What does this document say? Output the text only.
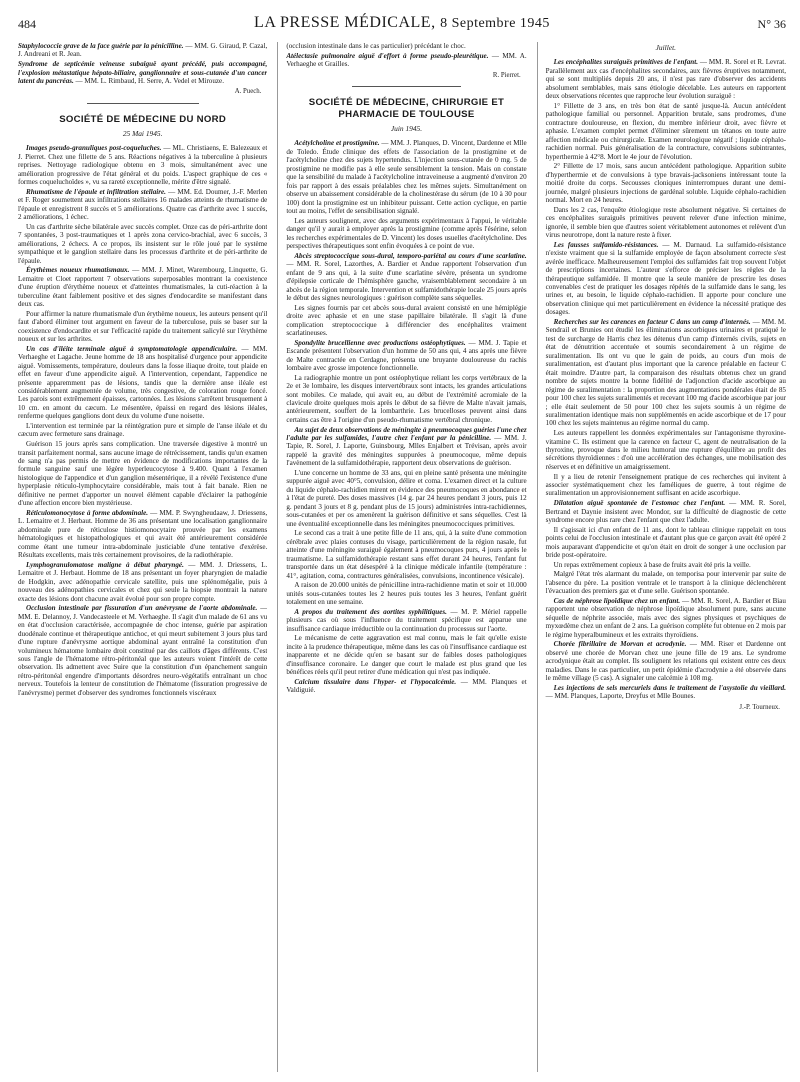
484	LA PRESSE MÉDICALE, 8 Septembre 1945	N° 36

Staphylococcie grave de la face guérie par la pénicilline. — MM. G. Giraud, P. Cazal, J. Andreani et R. Jean.

Syndrome de septicémie veineuse subaiguë ayant précédé, puis accompagné, l'explosion métastatique hépato-biliaire, ganglionnaire et sous-cutanée d'un cancer latent du pancréas. — MM. L. Rimbaud, H. Serre, A. Vedel et Mirouze.

A. Puech.
SOCIÉTÉ DE MÉDECINE DU NORD
25 Mai 1945.

Images pseudo-granuliques post-coqueluches. — ML. Christiaens, E. Balezeaux et J. Pierret. Chez une fillette de 5 ans. Réactions négatives à la tuberculine à plusieurs reprises. Nettoyage radiologique obtenu en 3 mois, simultanément avec une amélioration progressive de l'état général et du poids. L'aspect graphique de ces « formes coqueluchoïdes », vu sa rareté exceptionnelle, mérite d'être signalé.

Rhumatisme de l'épaule et infiltration stellaire. — MM. Ed. Doumer, J.-F. Merlen et F. Roger soumettent aux infiltrations stellaires 16 malades atteints de rhumatisme de l'épaule et enregistrent 8 succès et 5 améliorations. Quatre cas d'arthrite avec 1 succès, 2 améliorations, 1 échec.

Un cas d'arthrite sèche bilatérale avec succès complet. Onze cas de péri-arthrite dont 7 spontanées, 3 post-traumatiques et 1 après zona cervico-brachial, avec 6 succès, 3 améliorations, 2 échecs. A ce propos, ils insistent sur le rôle joué par le système sympathique et le ganglion stellaire dans les processus d'arthrite et de péri-arthrite de l'épaule.

Érythèmes noueux rhumatismaux. — MM. J. Minet, Warembourg, Linquette, G. Lemaitre et Cloet rapportent 7 observations superposables montrant la coexistence d'une éruption d'érythème noueux et d'atteintes rhumatismales, la cuti-réaction à la tuberculine étant faiblement positive et des signes d'endocardite se manifestant dans deux cas.

Pour affirmer la nature rhumatismale d'un érythème noueux, les auteurs pensent qu'il faut d'abord éliminer tout argument en faveur de la tuberculose, puis se baser sur la coexistence d'endocardite et sur l'efficacité rapide du traitement salicylé sur l'érythème noueux et sur les arthrites.

Un cas d'iléite terminale aiguë à symptomatologie appendiculaire. — MM. Verhaeghe et Lagache. Jeune homme de 18 ans hospitalisé d'urgence pour appendicite aiguë. Vomissements, température, douleurs dans la fosse iliaque droite, tout plaide en effet en faveur d'une appendicite aiguë. A l'intervention, cependant, l'appendice ne présente apparemment pas de lésions, tandis que la dernière anse iléale est considérablement augmentée de volume, très congestive, de coloration rouge foncé. Les parois sont extrêmement épaisses, cartonnées. Les lésions s'arrêtent brusquement à 10 cm. en amont du cæcum. Le mésentère, épaissi en regard des lésions iléales, renferme quelques ganglions dont deux du volume d'une noisette.

L'intervention est terminée par la réintégration pure et simple de l'anse iléale et du cæcum avec fermeture sans drainage.

Guérison 15 jours après sans complication. Une traversée digestive à montré un transit parfaitement normal, sans aucune image de rétrécissement, tandis qu'un examen de sang n'a pas permis de mettre en évidence de modifications importantes de la formule sanguine sauf une légère hyperleucocytose à 9.400. Quant à l'examen histologique de l'appendice et d'un ganglion mésentérique, il a révélé l'existence d'une hyperplasie réticulo-lymphocytaire considérable, mais tout à fait banale. Rien ne définitive ne permet d'apporter un nouvel élément capable d'éclairer la pathogénie d'une affection encore bien mystérieuse.

Réticulomonocytose à forme abdominale. — MM. P. Swyngheudaaw, J. Driessens, L. Lemaitre et J. Herbaut. Homme de 36 ans présentant une localisation ganglionnaire abdominale pure de réticulose histiomonocytaire prouvée par les examens hématologiques et histopathologiques et qui avait été antérieurement considérée comme étant une tumeur intra-abdominale justiciable d'une tentative d'exérèse. Résultats excellents, mais très certainement provisoires, de la radiothérapie.

Lymphogranulomatose maligne à début pharyngé. — MM. J. Driessens, L. Lemaitre et J. Herbaut. Homme de 18 ans présentant un foyer pharyngien de maladie de Hodgkin, avec adénopathie cervicale satellite, puis une splénomégalie, puis à nouveau des adénopathies cervicales et chez qui seule la biopsie montrait la nature exacte des lésions dont chacune avait évolué pour son propre compte.

Occlusion intestinale par fissuration d'un anévrysme de l'aorte abdominale. — MM. E. Delannoy, J. Vandecasteele et M. Verhaeghe. Il s'agit d'un malade de 61 ans vu en état d'occlusion caractérisée, accompagnée de choc intense, guérie par aspiration duodénale continue et thérapeutique antichoc, et qui meurt subitement 3 jours plus tard d'une rupture d'anévrysme aortique abdominal ayant entraîné la constitution d'un volumineux hématome lombaire droit constitué par des caillots d'âges différents. C'est sous l'angle de l'hématome rétro-péritonéal que les auteurs voient l'intérêt de cette observation. Ils admettent avec Suire que la constitution d'un épanchement sanguin rétro-péritonéal engendre d'importants désordres neuro-végétatifs entraînant un choc nerveux. Toutefois la lenteur de constitution de l'hématome (fissuration progressive de l'anévrysme) permet d'observer des syndromes fonctionnels viscéraux

(occlusion intestinale dans le cas particulier) précédant le choc.

Atélectasie pulmonaire aiguë d'effort à forme pseudo-pleurétique. — MM. A. Verhaeghe et Grailles.

R. Pierret.
SOCIÉTÉ DE MÉDECINE, CHIRURGIE ET PHARMACIE DE TOULOUSE
Juin 1945.

Acétylcholine et prostigmine. — MM. J. Planques, D. Vincent, Dardenne et Mlle de Toledo. Étude clinique des effets de l'association de la prostigmine et de l'acétylcholine chez des sujets hypertendus. L'injection sous-cutanée de 0 mg. 5 de prostigmine ne modifie pas à elle seule sensiblement la tension. Mais on constate que la sensibilité du malade à l'acétylcholine intraveineuse a augmenté d'environ 20 fois par rapport à des essais préalables chez les mêmes sujets. Simultanément on observe un abaissement considérable de la cholinestérase du sérum (de 10 à 30 pour 100) dont la prostigmine est un inhibiteur puissant. Cette action cyclique, en partie tout au moins, l'effet de sensibilisation signalé.

Les auteurs soulignent, avec des arguments expérimentaux à l'appui, le véritable danger qu'il y aurait à employer après la prostigmine (comme après l'ésérine, selon les recherches expérimentales de D. Vincent) les doses usuelles d'acétylcholine. Des perspectives thérapeutiques sont enfin évoquées à ce point de vue.

Abcès streptococcique sous-dural, temporo-pariétal au cours d'une scarlatine. — MM. R. Sorel, Lazorthes, A. Bardier et Andue rapportent l'observation d'un enfant de 9 ans qui, à la suite d'une scarlatine sévère, présenta un syndrome d'épilepsie corticale de l'hémisphère gauche, vraisemblablement secondaire à un abcès de la région temporale. Intervention et sulfamidothérapie locale 25 jours après le début des signes neurologiques : guérison complète sans séquelles.

Les signes fournis par cet abcès sous-dural avaient consisté en une hémiplégie droite avec aphasie et en une stase papillaire bilatérale. Il s'agit là d'une complication streptococcique à différencier des encéphalites vraiment scarlatineuses.

Spondylite brucellienne avec productions ostéophytiques. — MM. J. Tapie et Escande présentent l'observation d'un homme de 50 ans qui, 4 ans après une fièvre de Malte contractée en Cerdagne, présenta une bruyante douloureuse du rachis lombaire avec grosse impotence fonctionnelle.

La radiographie montre un pont ostéophytique reliant les corps vertébraux de la 2e et 3e lombaire, les disques intervertébraux sont intacts, les grandes articulations sont mobiles. Ce malade, qui avait eu, au début de l'extrémité acromiale de la clavicule droite quelques mois après le début de sa fièvre de Malte n'avait jamais, antérieurement, souffert de la lombarthrie. Les brucelloses peuvent ainsi dans certains cas être à l'origine d'un pseudo-rhumatisme vertébral chronique.

Au sujet de deux observations de méningite à pneumocoques guéries l'une chez l'adulte par les sulfamides, l'autre chez l'enfant par la pénicilline. — MM. J. Tapie, R. Sorel, J. Laporte, Guinsbourg, Mlles Enjalbert et Trévisan, après avoir rappelé la gravité des méningites suppurées à pneumocoque, même depuis l'avènement de la sulfamidothérapie, rapportent deux observations de guérison.

L'une concerne un homme de 33 ans, qui en pleine santé présenta une méningite suppurée aiguë avec 40°5, convulsion, délire et coma. L'examen direct et la culture du liquide céphalo-rachidien mirent en évidence des pneumocoques en abondance et à l'état de pureté. Des doses massives (14 g. par 24 heures pendant 3 jours, puis 12 g. pendant 3 jours et 8 g. pendant plus de 15 jours) administrées intra-rachidiennes, sous-cutanées et per os amenèrent la guérison définitive et sans séquelles. C'est là une éventualité exceptionnelle dans les méningites pneumococciques primitives.

Le second cas a trait à une petite fille de 11 ans, qui, à la suite d'une commotion cérébrale avec plaies contuses du visage, particulièrement de la région nasale, fut atteinte d'une méningite suraiguë également à pneumocoques purs, 4 jours après le traumatisme. La sulfamidothérapie restant sans effet durant 24 heures, l'enfant fut transportée dans un état désespéré à la clinique médicale infantile (température : 41°, agitation, coma, contractures généralisées, convulsions, incontinence vésicale).

A raison de 20.000 unités de pénicilline intra-rachidienne matin et soir et 10.000 unités sous-cutanées toutes les 2 heures puis toutes les 3 heures, l'enfant guérit totalement en une semaine.

A propos du traitement des aortites syphilitiques. — M. P. Mériel rappelle plusieurs cas où sous l'influence du traitement spécifique est apparue une insuffisance cardiaque irréductible ou la continuation du processus sur l'aorte.

Le mécanisme de cette aggravation est mal connu, mais le fait qu'elle existe incite à la prudence thérapeutique, même dans les cas où l'insuffisance cardiaque est inapparente et ne décide qu'en se basant sur de faibles doses pathologiques d'insuffisance coronaire. Le danger que court le malade est plus grand que les bénéfices réels qu'il peut retirer d'une médication qui n'est pas indiquée.

Calcium tissulaire dans l'hyper- et l'hypocalcémie. — MM. Planques et Valdiguié.

Juillet.

Les encéphalites suraiguës primitives de l'enfant. — MM. R. Sorel et R. Levrat. Parallèlement aux cas d'encéphalites secondaires, aux fièvres éruptives notamment, qui se sont multipliés depuis 20 ans, il n'est pas rare d'observer des accidents absolument semblables, mais sans étiologie décelable. Les auteurs en rapportent deux observations récentes que rapproche leur évolution suraiguë :

1° Fillette de 3 ans, en très bon état de santé jusque-là. Aucun antécédent pathologique familial ou personnel. Apparition brutale, sans prodromes, d'une contracture douloureuse, en flexion, du membre inférieur droit, avec fièvre et aphasie. L'examen complet permet d'éliminer sûrement un tétanos en toute autre affection médicale ou chirurgicale. Examen neurologique négatif ; liquide céphalo-rachidien normal. Puis généralisation de la contracture, convulsions subintrantes, hyperthermie à 42°8. Mort le 4e jour de l'évolution.

2° Fillette de 17 mois, sans aucun antécédent pathologique. Apparition subite d'hyperthermie et de convulsions à type bravais-jacksoniens intéressant toute la moitié droite du corps. Secousses cloniques ininterrompues durant une demi-journée, malgré plusieurs injections de gardénal soluble. Liquide céphalo-rachidien normal. Mort en 24 heures.

Dans les 2 cas, l'enquête étiologique reste absolument négative. Si certaines de ces encéphalites suraiguës primitives peuvent relever d'une infection minime, ignorée, il semble bien que d'autres soient véritablement autonomes et relèvent d'un virus neurotrope, dont la nature reste à fixer.

Les fausses sulfamido-résistances. — M. Darnaud. La sulfamido-résistance n'existe vraiment que si la sulfamide employée de façon absolument correcte s'est avérée inefficace. Malheureusement l'emploi des sulfamides fait trop souvent l'objet de prescriptions incertaines. L'auteur s'efforce de préciser les règles de la thérapeutique sulfamidée. Il montre que la seule manière de prescrire les doses convenables c'est de pratiquer les dosages répétés de la sulfamide dans le sang, les urines et, au besoin, le liquide céphalo-rachidien. Il apporte pour conclure une observation clinique qui met particulièrement en évidence la nécessité pratique des dosages.

Recherches sur les carences en facteur C dans un camp d'internés. — MM. M. Sendrail et Brunies ont étudié les éliminations ascorbiques urinaires et pratiqué le test de surcharge de Harris chez les détenus d'un camp d'internés civils, sujets en état de dénutrition accentuée et soumis secondairement à un régime de suralimentation. Ils ont vu que le gain de poids, au cours d'un mois de suralimentation, est d'autant plus important que la carence préalable en facteur C était moindre. D'autre part, la comparaison des résultats obtenus chez un grand nombre de sujets montre la bonne fidélité de l'adjonction d'acide ascorbique au régime de suralimentation : la proportion des augmentations pondérales était de 85 pour 100 chez les sujets suralimentés et recevant 100 mg d'acide ascorbique par jour ; elle était seulement de 50 pour 100 chez les sujets soumis à un régime de suralimentation identique mais non supplémentés en acide ascorbique et de 17 pour 100 chez les sujets maintenus au régime normal du camp.

Les auteurs rappellent les données expérimentales sur l'antagonisme thyroxine-vitamine C. Ils estiment que la carence en facteur C, agent de neutralisation de la thyroxine, provoque dans le milieu humoral une rupture d'équilibre au profit des sécrétions thyroïdiennes : d'où une accélération des échanges, une mobilisation des réserves et en définitive un amaigrissement.

Il y a lieu de retenir l'enseignement pratique de ces recherches qui invitent à associer systématiquement chez les faméliques de guerre, à tout régime de suralimentation un approvisionnement suffisant en acide ascorbique.

Dilatation aiguë spontanée de l'estomac chez l'enfant. — MM. R. Sorel, Bertrand et Daynie insistent avec Mondor, sur la difficulté de diagnostic de cette syndrome encore plus rare chez l'enfant que chez l'adulte.

Il s'agissait ici d'un enfant de 11 ans, dont le tableau clinique rappelait en tous points celui de l'occlusion intestinale et d'autant plus que ce garçon avait été opéré 2 mois auparavant d'appendicite et qu'on était en droit de songer à une occlusion par bride post-opératoire.

Un repas extrêmement copieux à base de fruits avait été pris la veille.

Malgré l'état très alarmant du malade, on temporisa pour intervenir par suite de l'absence du père. La position ventrale et le transport à la clinique déclenchèrent l'évacuation des premiers gaz et d'une selle. Guérison spontanée.

Cas de néphrose lipoïdique chez un enfant. — MM. R. Sorel, A. Bardier et Biau rapportent une observation de néphrose lipoïdique absolument pure, sans aucune séquelle de néphrite associée, mais avec des signes physiques et psychiques de myxœdème chez un enfant de 2 ans. La guérison complète fut obtenue en 2 mois par le régime hyperalbumineux et les extraits thyroïdiens.

Chorée fibrillaire de Morvan et acrodynie. — MM. Riser et Dardenne ont observé une chorée de Morvan chez une jeune fille de 19 ans. Le syndrome acrodynique était au complet. Ils soulignent les relations qui existent entre ces deux maladies. Dans le cas particulier, un petit épidémie d'acrodynie a été observée dans le même village (5 cas). A signaler une calcémie à 108 mg.

Les injections de sels mercuriels dans le traitement de l'asystolie du vieillard. — MM. Planques, Laporte, Dreyfus et Mlle Bounes.

J.-P. Tourneux.
